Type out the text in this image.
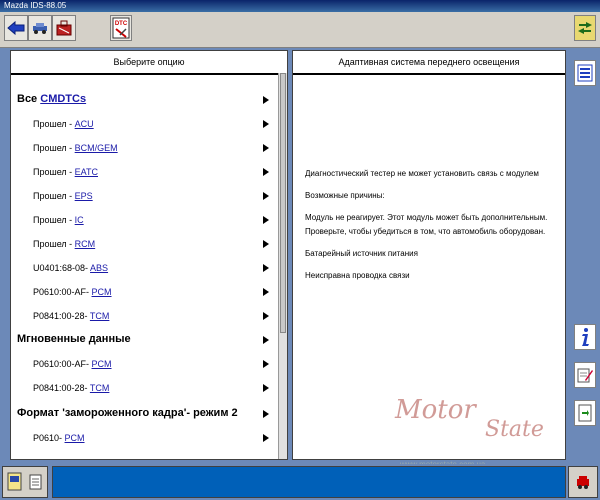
Mazda IDS-88.05
DTC
Выберите опцию
Все CMDTCs
Прошел - ACU
Прошел - BCM/GEM
Прошел - EATC
Прошел - EPS
Прошел - IC
Прошел - RCM
U0401:68-08- ABS
P0610:00-AF- PCM
P0841:00-28- TCM
Мгновенные данные
P0610:00-AF- PCM
P0841:00-28- TCM
Формат 'замороженного кадра'- режим 2
P0610- PCM
Адаптивная система переднего освещения
Диагностический тестер не может установить связь с модулем
Возможные причины:
Модуль не реагирует. Этот модуль может быть дополнительным.
Проверьте, чтобы убедиться в том, что автомобиль оборудован.
Батарейный источник питания
Неисправна проводка связи
Motor
State
